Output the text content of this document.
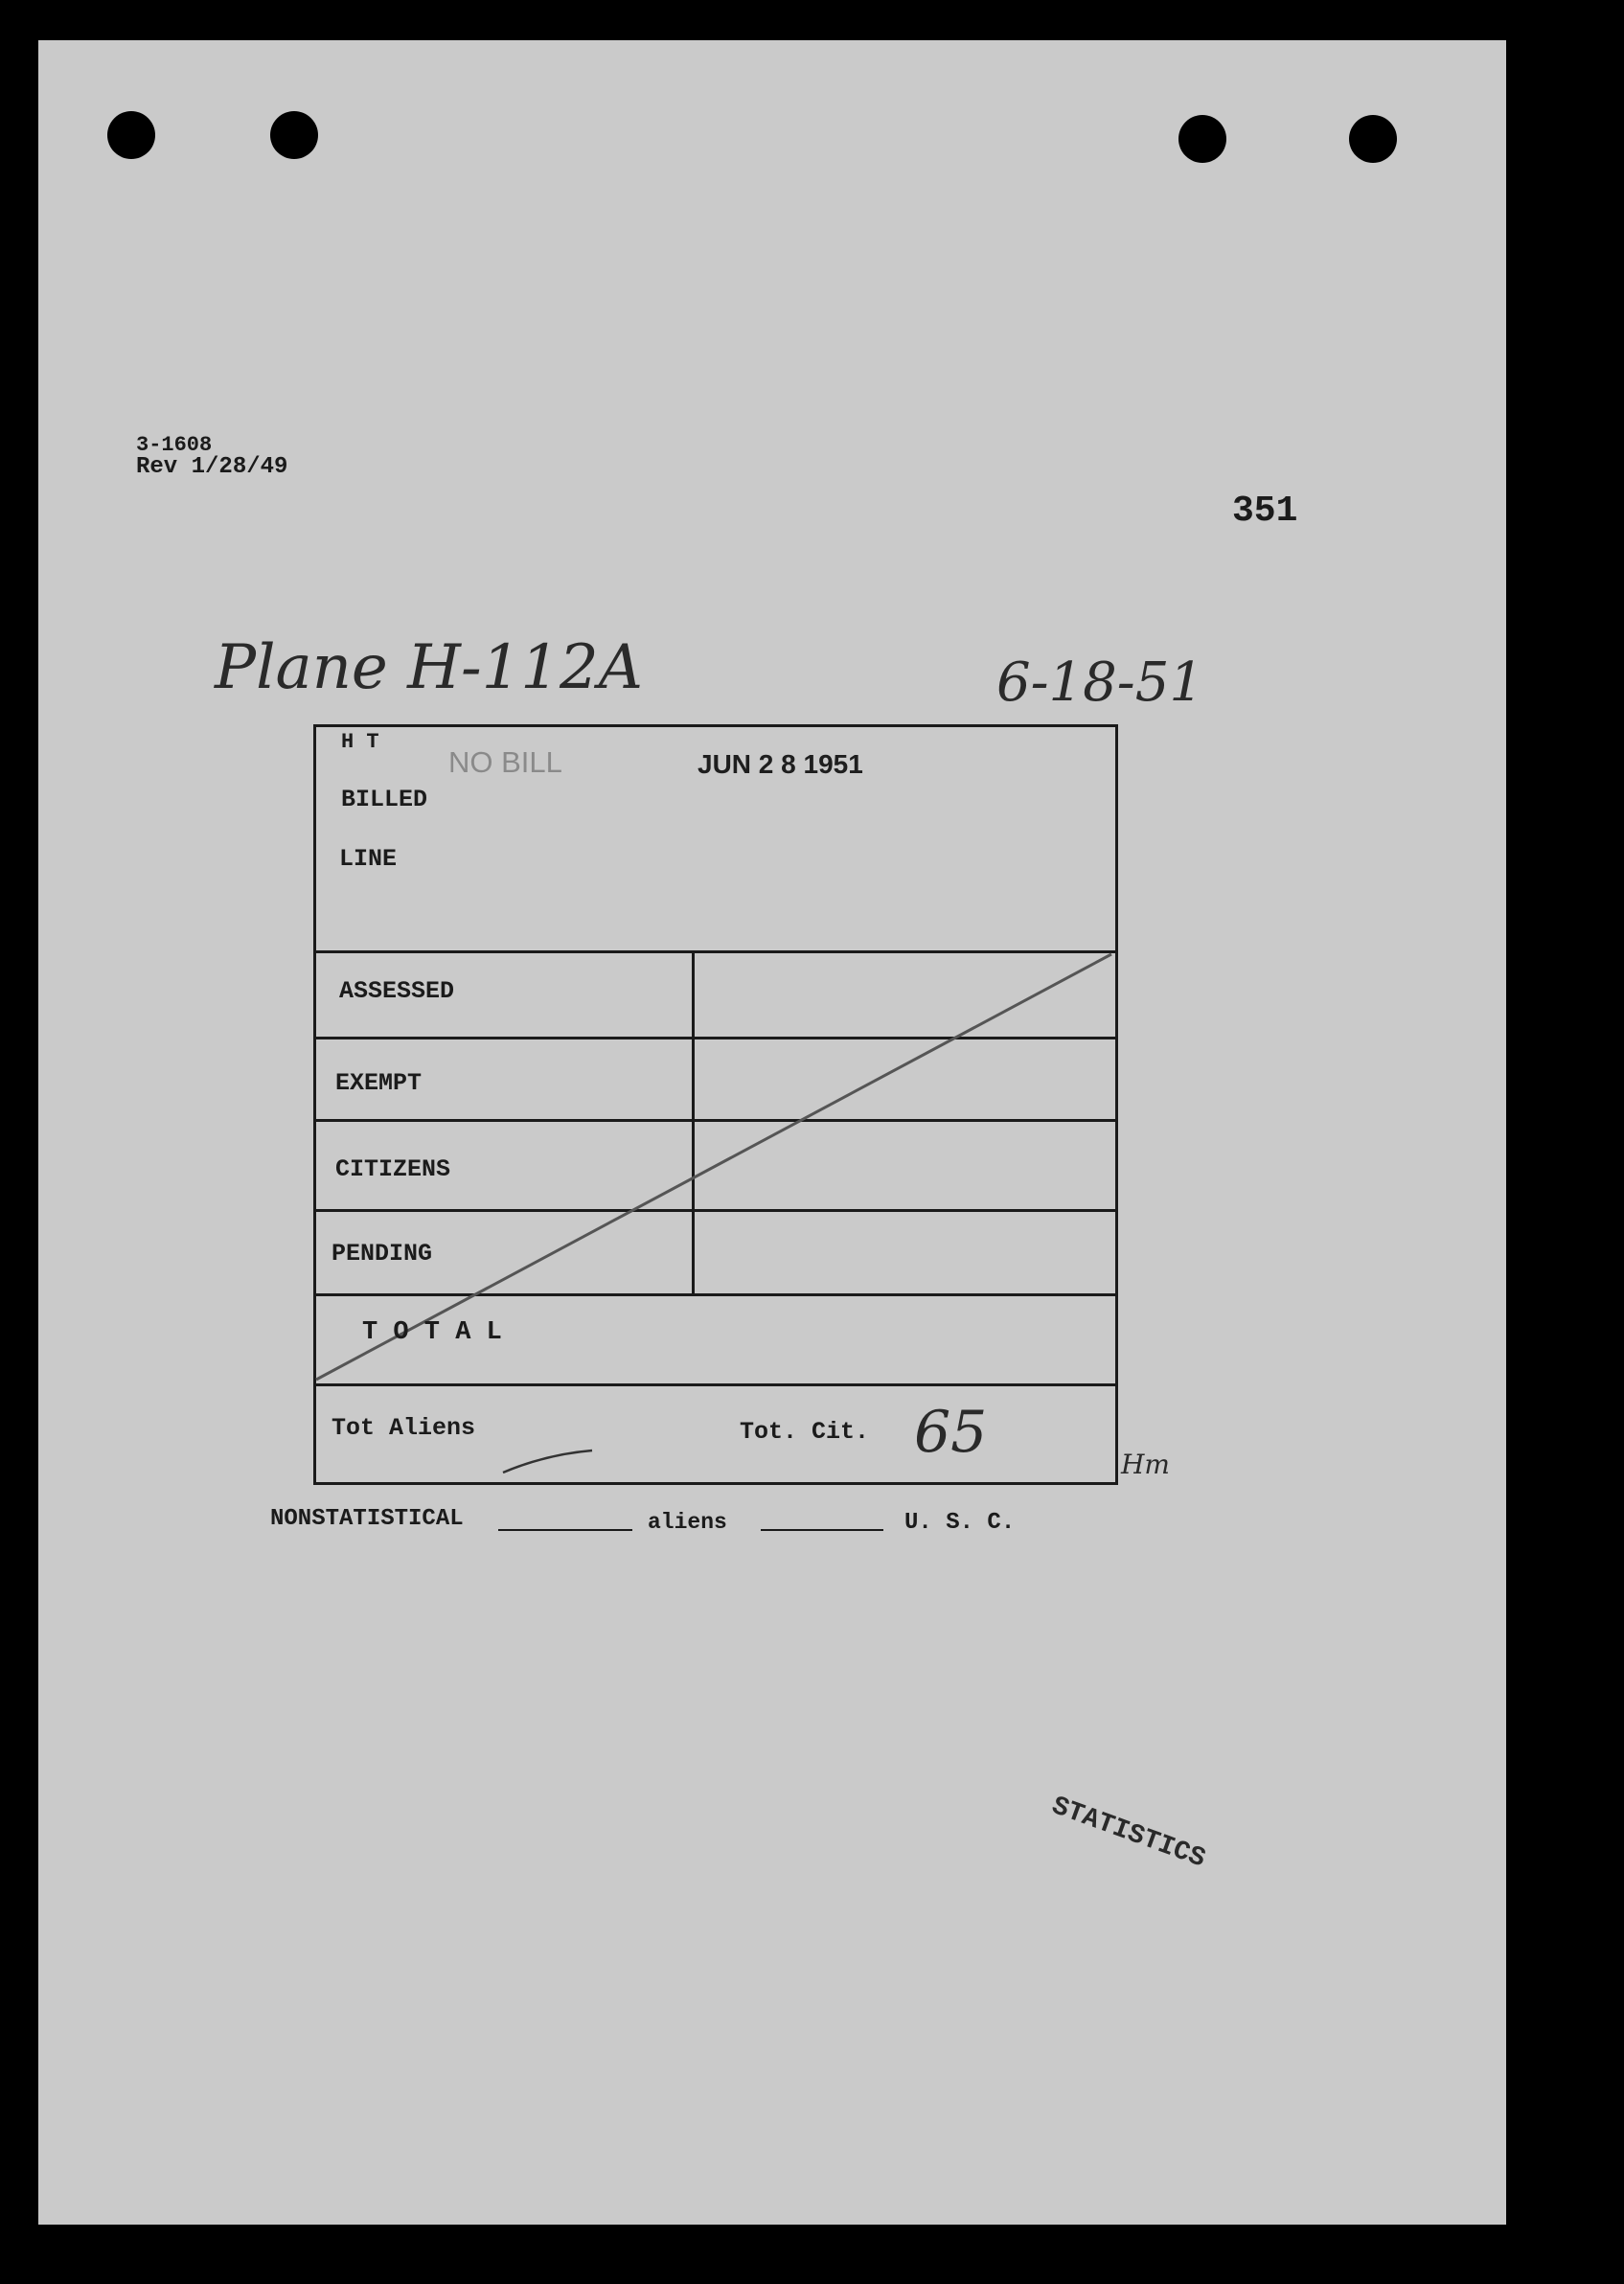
3-1608
Rev 1/28/49
351
Plane H-112A	6-18-51
H T
NO BILL	JUN 2 8 1951
BILLED
LINE
ASSESSED
EXEMPT
CITIZENS
PENDING
T O T A L
Tot Aliens	Tot. Cit. 65	Hm
NONSTATISTICAL	aliens	U. S. C.
STATISTICS
